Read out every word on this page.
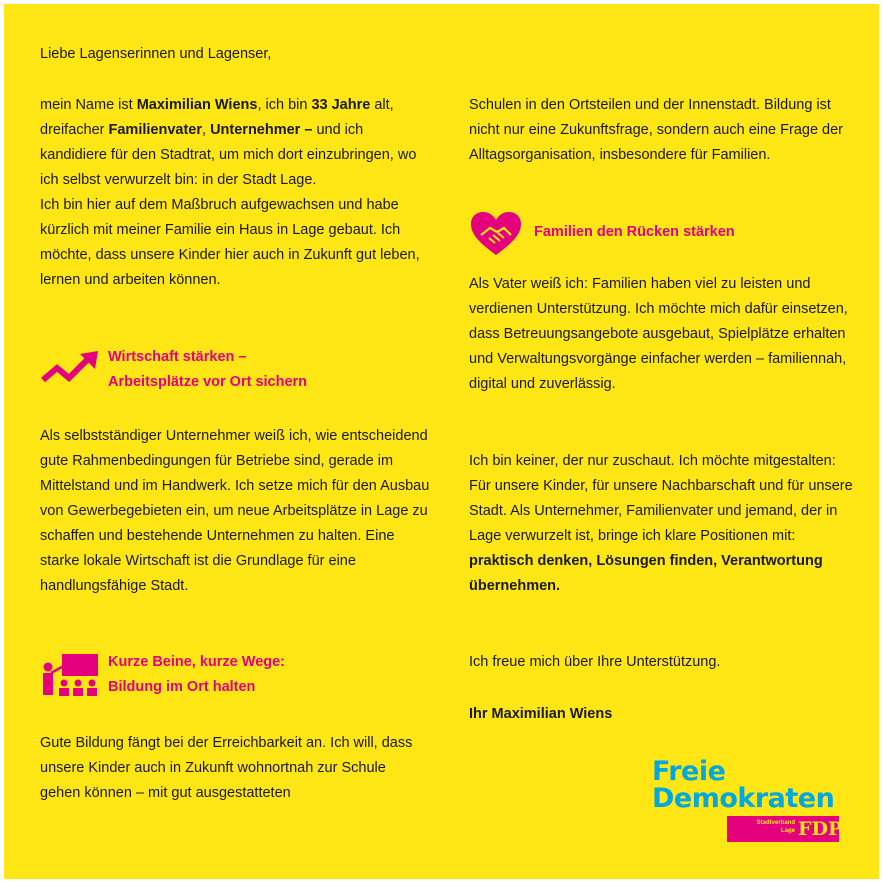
Liebe Lagenserinnen und Lagenser,

mein Name ist Maximilian Wiens, ich bin 33 Jahre alt, dreifacher Familienvater, Unternehmer – und ich kandidiere für den Stadtrat, um mich dort einzubringen, wo ich selbst verwurzelt bin: in der Stadt Lage.

Ich bin hier auf dem Maßbruch aufgewachsen und habe kürzlich mit meiner Familie ein Haus in Lage gebaut. Ich möchte, dass unsere Kinder hier auch in Zukunft gut leben, lernen und arbeiten können.

Wirtschaft stärken –
Arbeitsplätze vor Ort sichern

Als selbstständiger Unternehmer weiß ich, wie entscheidend gute Rahmenbedingungen für Betriebe sind, gerade im Mittelstand und im Handwerk. Ich setze mich für den Ausbau von Gewerbegebieten ein, um neue Arbeitsplätze in Lage zu schaffen und bestehende Unternehmen zu halten. Eine starke lokale Wirtschaft ist die Grundlage für eine handlungsfähige Stadt.

Kurze Beine, kurze Wege:
Bildung im Ort halten

Gute Bildung fängt bei der Erreichbarkeit an. Ich will, dass unsere Kinder auch in Zukunft wohnortnah zur Schule gehen können – mit gut ausgestatteten

Schulen in den Ortsteilen und der Innenstadt. Bildung ist nicht nur eine Zukunftsfrage, sondern auch eine Frage der Alltagsorganisation, insbesondere für Familien.

Familien den Rücken stärken

Als Vater weiß ich: Familien haben viel zu leisten und verdienen Unterstützung. Ich möchte mich dafür einsetzen, dass Betreuungsangebote ausgebaut, Spielplätze erhalten und Verwaltungsvorgänge einfacher werden – familiennah, digital und zuverlässig.

Ich bin keiner, der nur zuschaut. Ich möchte mitgestalten: Für unsere Kinder, für unsere Nachbarschaft und für unsere Stadt. Als Unternehmer, Familienvater und jemand, der in Lage verwurzelt ist, bringe ich klare Positionen mit: praktisch denken, Lösungen finden, Verantwortung übernehmen.

Ich freue mich über Ihre Unterstützung.

Ihr Maximilian Wiens

Freie
Demokraten
Stadtverband
Lage FDP
